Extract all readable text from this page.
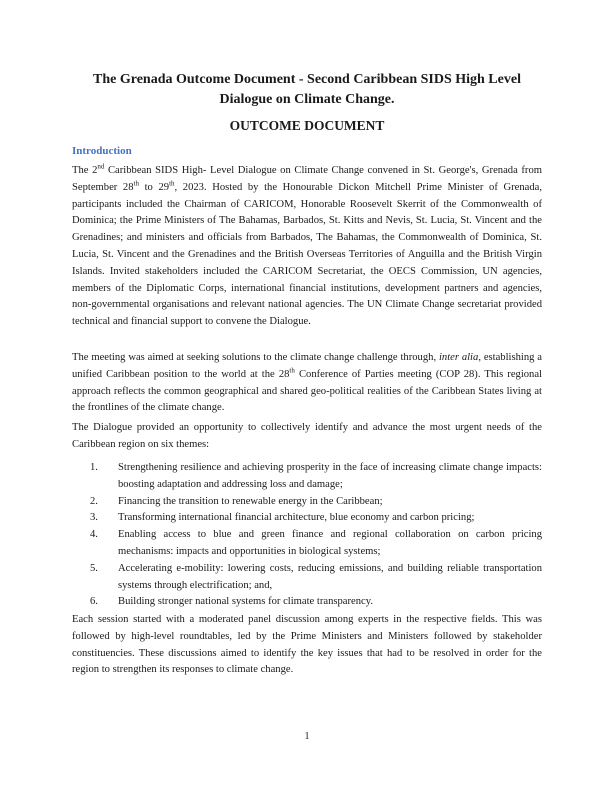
The Grenada Outcome Document - Second Caribbean SIDS High Level Dialogue on Climate Change.
OUTCOME DOCUMENT
Introduction

The 2nd Caribbean SIDS High- Level Dialogue on Climate Change convened in St. George's, Grenada from September 28th to 29th, 2023. Hosted by the Honourable Dickon Mitchell Prime Minister of Grenada, participants included the Chairman of CARICOM, Honorable Roosevelt Skerrit of the Commonwealth of Dominica; the Prime Ministers of The Bahamas, Barbados, St. Kitts and Nevis, St. Lucia, St. Vincent and the Grenadines; and ministers and officials from Barbados, The Bahamas, the Commonwealth of Dominica, St. Lucia, St. Vincent and the Grenadines and the British Overseas Territories of Anguilla and the British Virgin Islands. Invited stakeholders included the CARICOM Secretariat, the OECS Commission, UN agencies, members of the Diplomatic Corps, international financial institutions, development partners and agencies, non-governmental organisations and relevant national agencies. The UN Climate Change secretariat provided technical and financial support to convene the Dialogue.

The meeting was aimed at seeking solutions to the climate change challenge through, inter alia, establishing a unified Caribbean position to the world at the 28th Conference of Parties meeting (COP 28). This regional approach reflects the common geographical and shared geo-political realities of the Caribbean States living at the frontlines of the climate change.

The Dialogue provided an opportunity to collectively identify and advance the most urgent needs of the Caribbean region on six themes:

1. Strengthening resilience and achieving prosperity in the face of increasing climate change impacts: boosting adaptation and addressing loss and damage;
2. Financing the transition to renewable energy in the Caribbean;
3. Transforming international financial architecture, blue economy and carbon pricing;
4. Enabling access to blue and green finance and regional collaboration on carbon pricing mechanisms: impacts and opportunities in biological systems;
5. Accelerating e-mobility: lowering costs, reducing emissions, and building reliable transportation systems through electrification; and,
6. Building stronger national systems for climate transparency.

Each session started with a moderated panel discussion among experts in the respective fields. This was followed by high-level roundtables, led by the Prime Ministers and Ministers followed by stakeholder constituencies. These discussions aimed to identify the key issues that had to be resolved in order for the region to strengthen its responses to climate change.

1
